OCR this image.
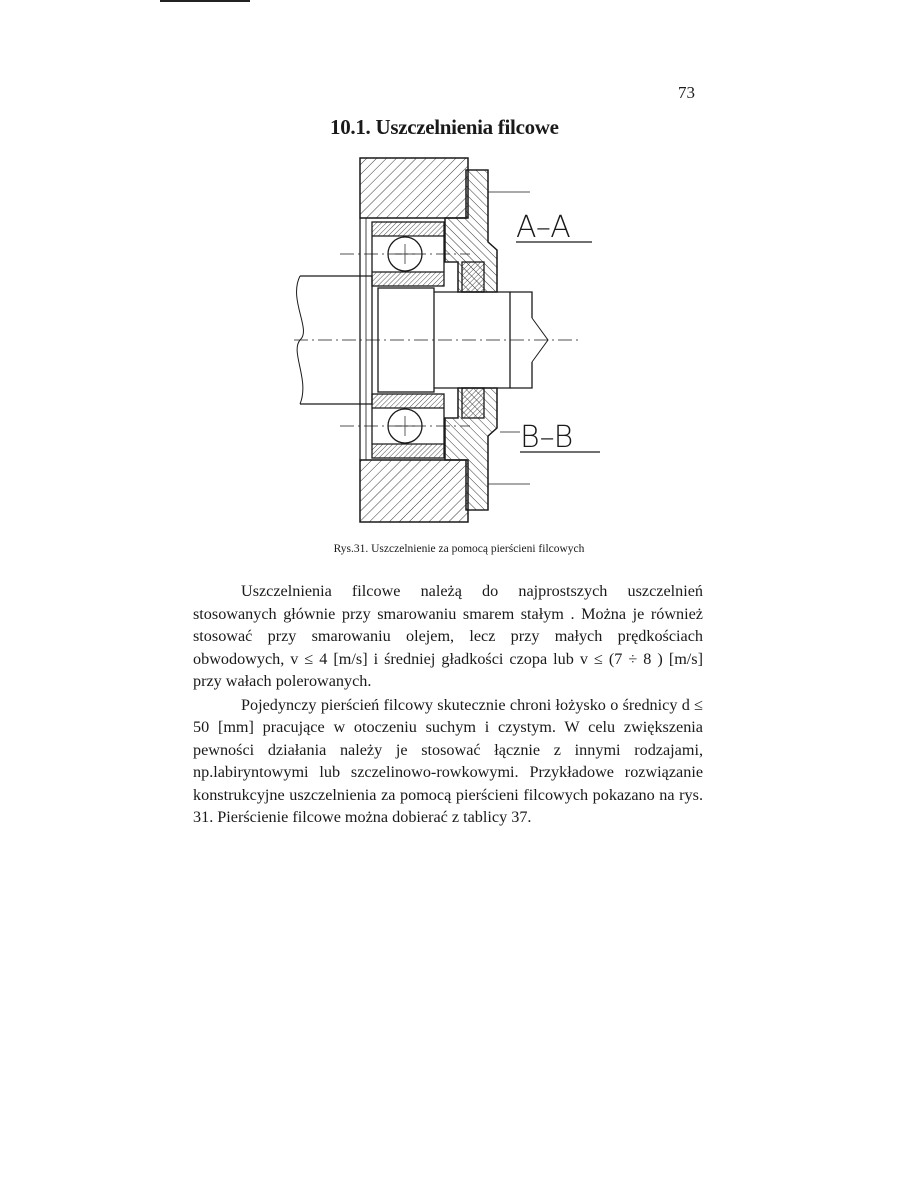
73
10.1. Uszczelnienia filcowe
A–A
B–B
Rys.31. Uszczelnienie za pomocą pierścieni filcowych

Uszczelnienia filcowe należą do najprostszych uszczelnień stosowanych głównie przy smarowaniu smarem stałym . Można je również stosować przy smarowaniu olejem, lecz przy małych prędkościach obwodowych, v ≤ 4 [m/s] i średniej gładkości czopa lub v ≤ (7 ÷ 8 ) [m/s] przy wałach polerowanych.

Pojedynczy pierścień filcowy skutecznie chroni łożysko o średnicy d ≤ 50 [mm] pracujące w otoczeniu suchym i czystym. W celu zwiększenia pewności działania należy je stosować łącznie z innymi rodzajami, np.labiryntowymi lub szczelinowo-rowkowymi. Przykładowe rozwiązanie konstrukcyjne uszczelnienia za pomocą pierścieni filcowych pokazano na rys. 31. Pierścienie filcowe można dobierać z tablicy 37.
